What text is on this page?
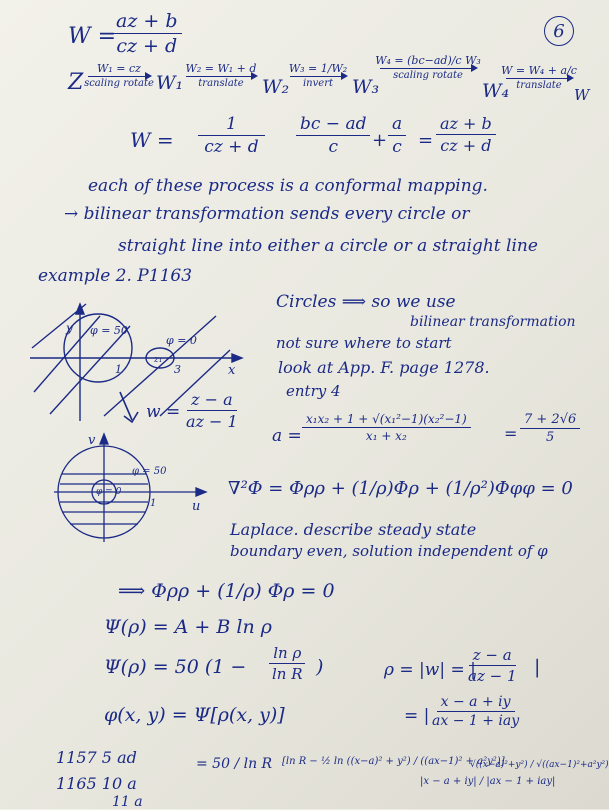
6
W =
$\frac{az + b}{cz + d}$
Z
W₁ = cz
scaling rotate W₁
W₂ = W₁ + d
translate W₂
W₃ = 1/W₂
invert W₃
W₄ = (bc−ad)/c W₃
scaling rotate
W₄
W = W₄ + a/c
translate
W
$W = \frac{1}{cz + d} \frac{bc - ad}{c} + \frac{a}{c} = \frac{az + b}{cz + d}$
each of these process is a conformal mapping.
→ bilinear transformation sends every circle or
straight line into either a circle or a straight line
example 2. P1163
Circles ⟹ so we use
bilinear transformation
not sure where to start
look at App. F. page 1278.
entry 4
$a = \frac{\text{x₁x₂ + 1 + √(x₁²−1)(x₂²−1)}}{\text{x₁ + x₂}} = \frac{7 + 2√6}{5}$
y
x
φ = 50
φ = 0
1	3
z₁
$w = \frac{z - a}{az - 1}$
v
u
φ = 50
φ = 0
1
∇²Φ = Φρρ + (1/ρ)Φρ + (1/ρ²)Φφφ = 0
Laplace. describe steady state
boundary even, solution independent of φ
⟹ Φρρ + (1/ρ) Φρ = 0
Ψ(ρ) = A + B ln ρ
Ψ(ρ) = 50 ($1 - \frac{\text{ln ρ}}{\text{ln R}}$ )	ρ = |w| = |
$\frac{z - a}{az - 1}$ |
φ(x, y) = Ψ[ρ(x, y)]	= |
x − a + iy
ax − 1 + iay
= 50 / ln R [ln R − ½ ln ((x−a)² + y²) / ((ax−1)² + a²y²)]
|x − a + iy| / |ax − 1 + iay|
√((x−a)²+y²) / √((ax−1)²+a²y²)
1157 5 ad
1165 10 a
11 a
